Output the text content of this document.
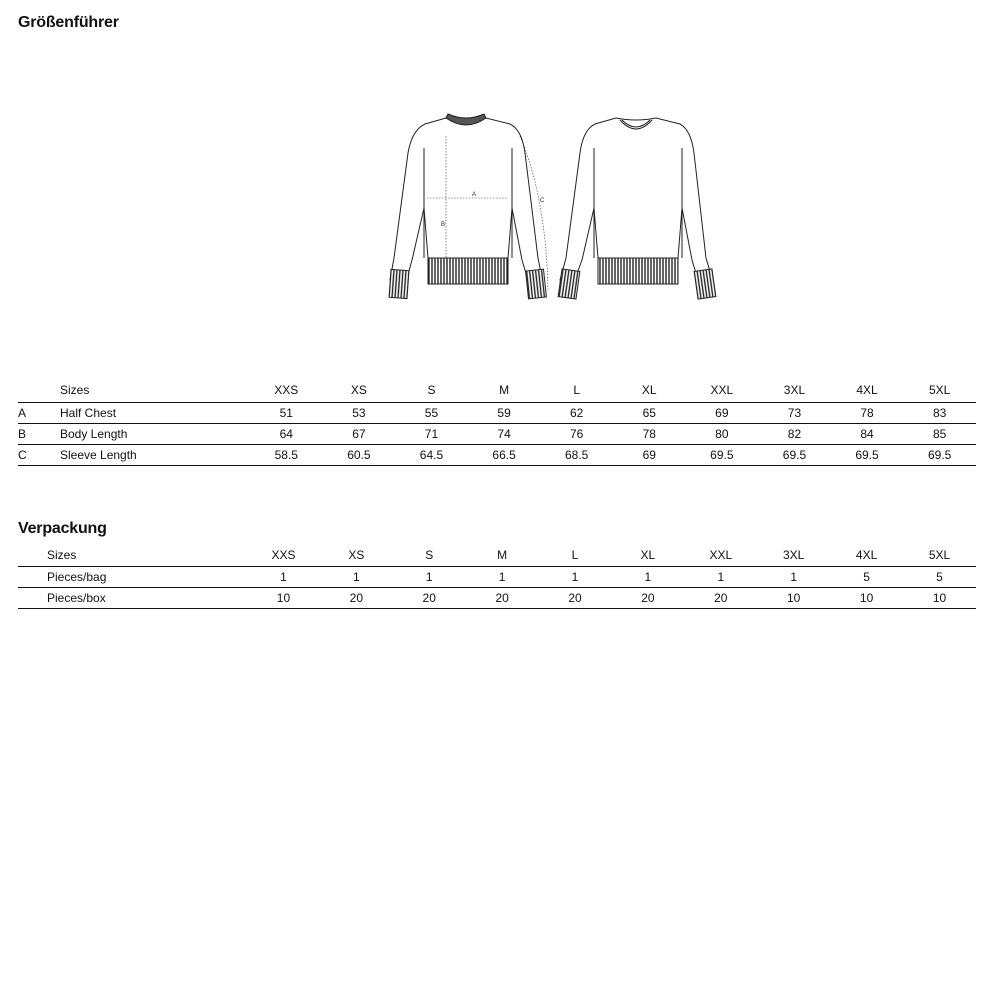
Größenführer
A
B
C
	Sizes	XXS	XS	S	M	L	XL	XXL	3XL	4XL	5XL
A	Half Chest	51	53	55	59	62	65	69	73	78	83
B	Body Length	64	67	71	74	76	78	80	82	84	85
C	Sleeve Length	58.5	60.5	64.5	66.5	68.5	69	69.5	69.5	69.5	69.5
Verpackung
	Sizes	XXS	XS	S	M	L	XL	XXL	3XL	4XL	5XL
	Pieces/bag	1	1	1	1	1	1	1	1	5	5
	Pieces/box	10	20	20	20	20	20	20	10	10	10
